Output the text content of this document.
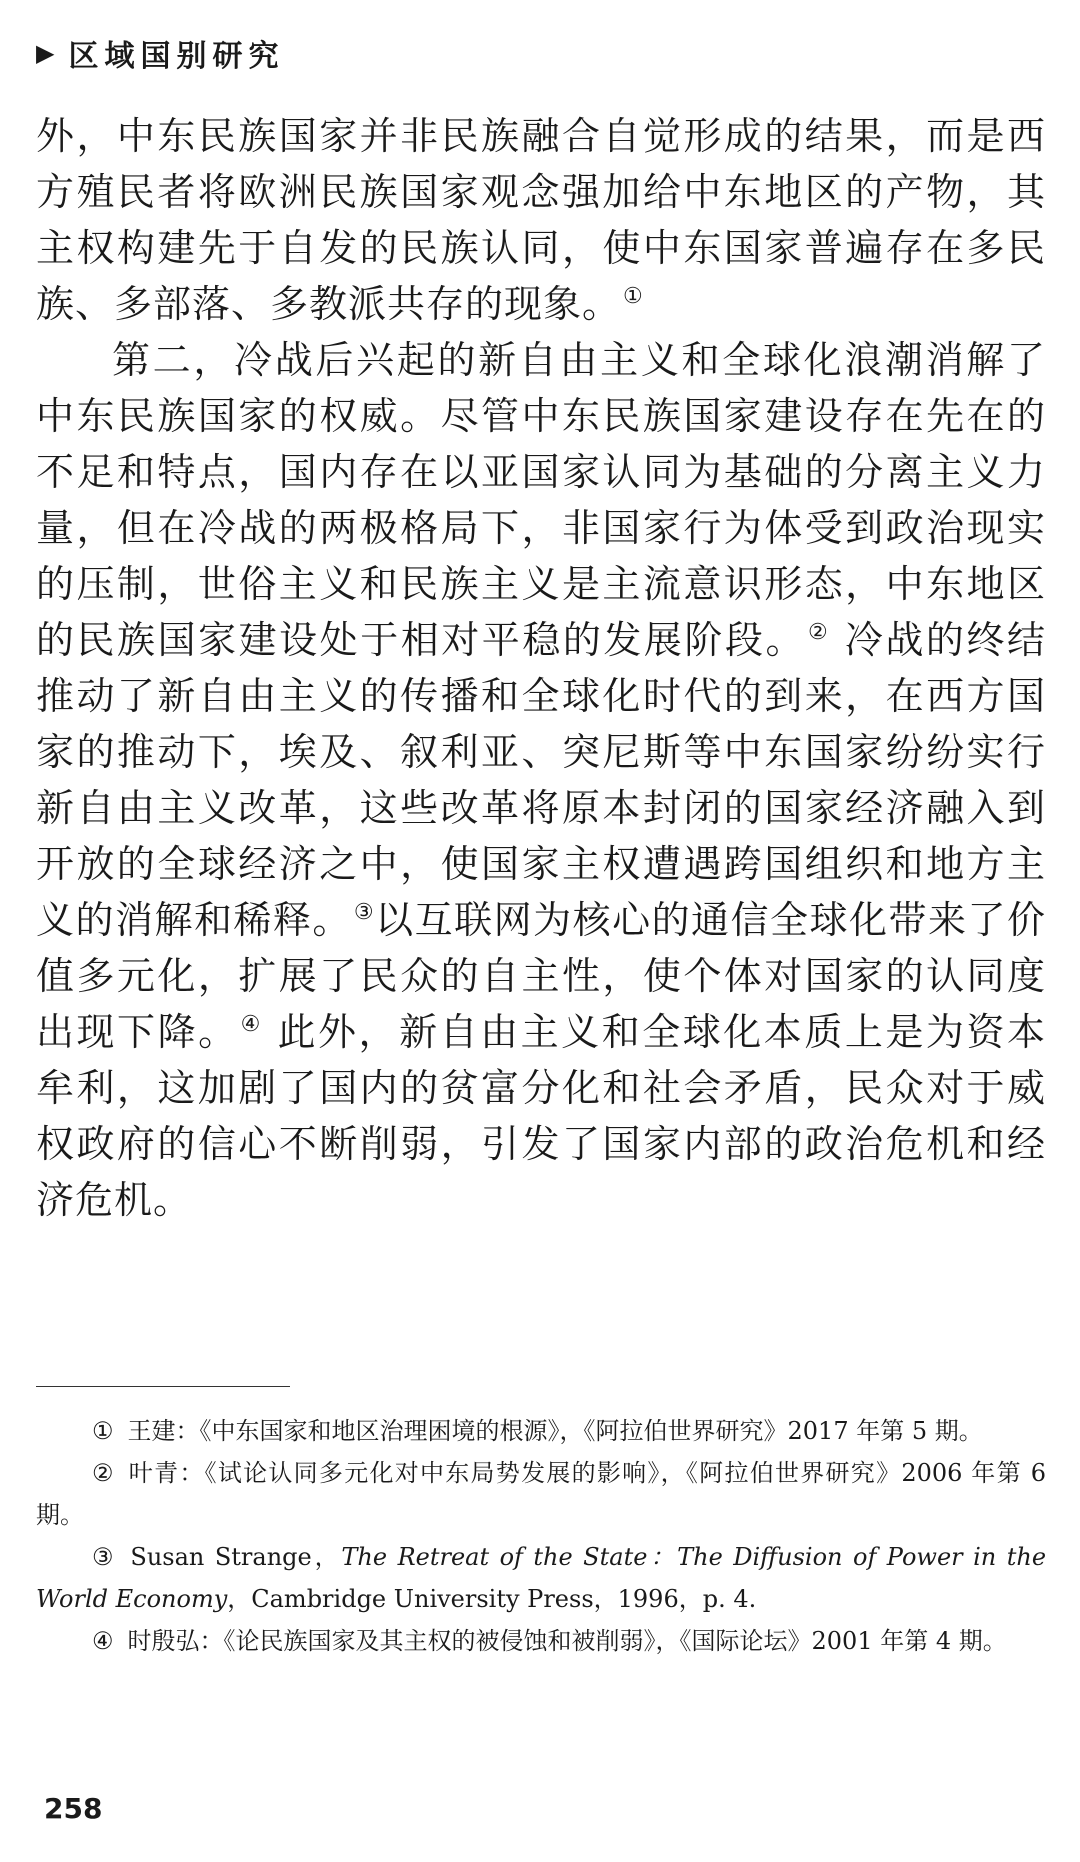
▶ 区域国别研究

外，中东民族国家并非民族融合自觉形成的结果，而是西方殖民者将欧洲民族国家观念强加给中东地区的产物，其主权构建先于自发的民族认同，使中东国家普遍存在多民族、多部落、多教派共存的现象。①

第二，冷战后兴起的新自由主义和全球化浪潮消解了中东民族国家的权威。尽管中东民族国家建设存在先在的不足和特点，国内存在以亚国家认同为基础的分离主义力量，但在冷战的两极格局下，非国家行为体受到政治现实的压制，世俗主义和民族主义是主流意识形态，中东地区的民族国家建设处于相对平稳的发展阶段。② 冷战的终结推动了新自由主义的传播和全球化时代的到来，在西方国家的推动下，埃及、叙利亚、突尼斯等中东国家纷纷实行新自由主义改革，这些改革将原本封闭的国家经济融入到开放的全球经济之中，使国家主权遭遇跨国组织和地方主义的消解和稀释。③以互联网为核心的通信全球化带来了价值多元化，扩展了民众的自主性，使个体对国家的认同度出现下降。④ 此外，新自由主义和全球化本质上是为资本牟利，这加剧了国内的贫富分化和社会矛盾，民众对于威权政府的信心不断削弱，引发了国家内部的政治危机和经济危机。

① 王建：《中东国家和地区治理困境的根源》，《阿拉伯世界研究》2017 年第 5 期。

② 叶青：《试论认同多元化对中东局势发展的影响》，《阿拉伯世界研究》2006 年第 6 期。

③ Susan Strange，The Retreat of the State：The Diffusion of Power in the World Economy，Cambridge University Press，1996，p. 4.

④ 时殷弘：《论民族国家及其主权的被侵蚀和被削弱》，《国际论坛》2001 年第 4 期。

258
